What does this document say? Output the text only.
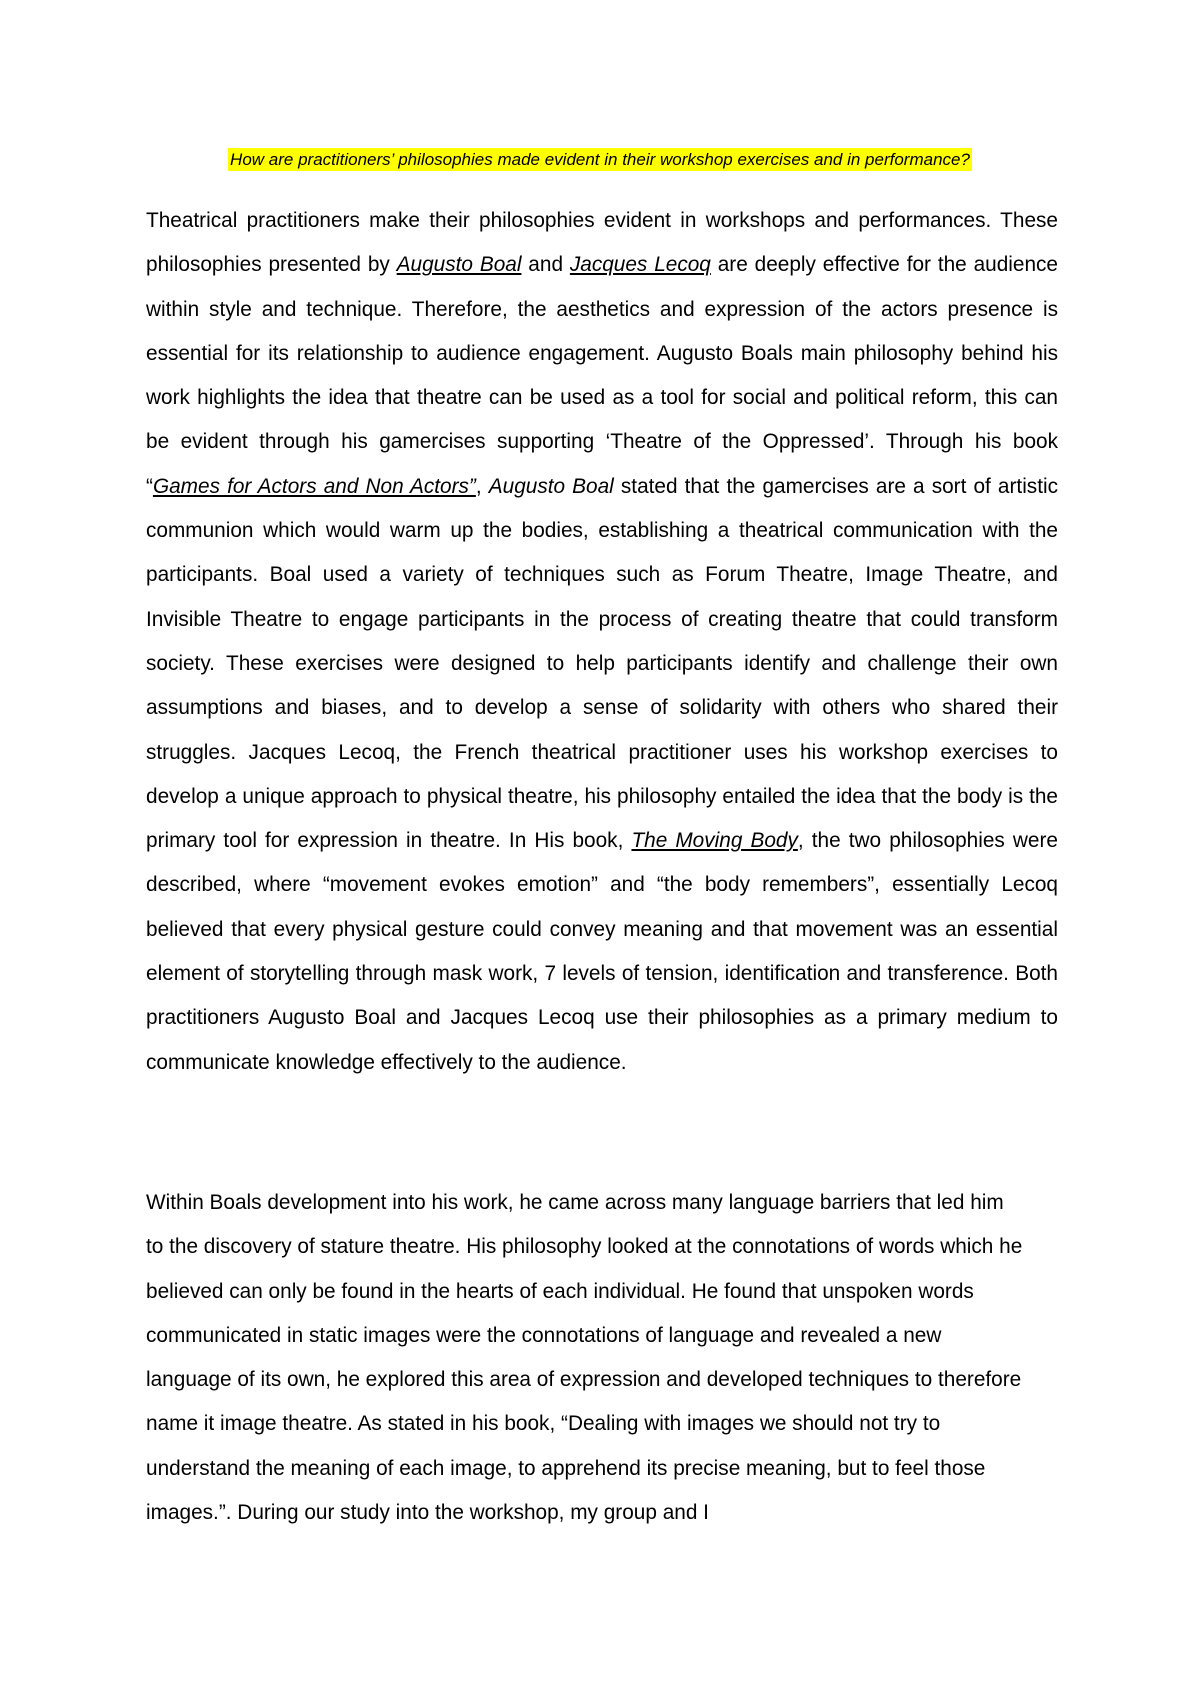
How are practitioners’ philosophies made evident in their workshop exercises and in performance?

Theatrical practitioners make their philosophies evident in workshops and performances. These philosophies presented by Augusto Boal and Jacques Lecoq are deeply effective for the audience within style and technique. Therefore, the aesthetics and expression of the actors presence is essential for its relationship to audience engagement. Augusto Boals main philosophy behind his work highlights the idea that theatre can be used as a tool for social and political reform, this can be evident through his gamercises supporting ‘Theatre of the Oppressed’. Through his book “Games for Actors and Non Actors”, Augusto Boal stated that the gamercises are a sort of artistic communion which would warm up the bodies, establishing a theatrical communication with the participants. Boal used a variety of techniques such as Forum Theatre, Image Theatre, and Invisible Theatre to engage participants in the process of creating theatre that could transform society. These exercises were designed to help participants identify and challenge their own assumptions and biases, and to develop a sense of solidarity with others who shared their struggles. Jacques Lecoq, the French theatrical practitioner uses his workshop exercises to develop a unique approach to physical theatre, his philosophy entailed the idea that the body is the primary tool for expression in theatre. In His book, The Moving Body, the two philosophies were described, where “movement evokes emotion” and “the body remembers”, essentially Lecoq believed that every physical gesture could convey meaning and that movement was an essential element of storytelling through mask work, 7 levels of tension, identification and transference. Both practitioners Augusto Boal and Jacques Lecoq use their philosophies as a primary medium to communicate knowledge effectively to the audience.

Within Boals development into his work, he came across many language barriers that led him to the discovery of stature theatre. His philosophy looked at the connotations of words which he believed can only be found in the hearts of each individual. He found that unspoken words communicated in static images were the connotations of language and revealed a new language of its own, he explored this area of expression and developed techniques to therefore name it image theatre. As stated in his book, “Dealing with images we should not try to understand the meaning of each image, to apprehend its precise meaning, but to feel those images.”. During our study into the workshop, my group and I
